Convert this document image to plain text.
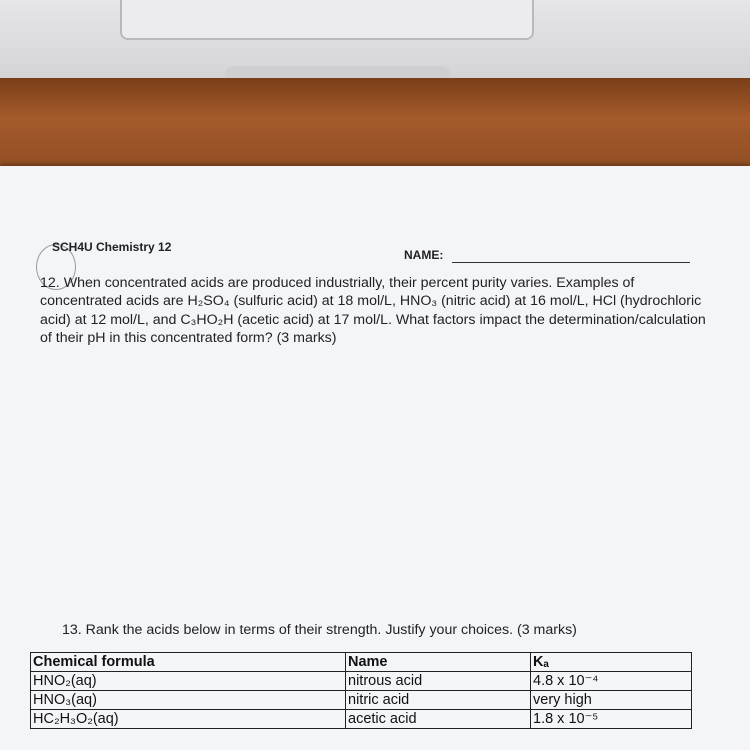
SCH4U Chemistry 12
NAME:
12. When concentrated acids are produced industrially, their percent purity varies. Examples of concentrated acids are H₂SO₄ (sulfuric acid) at 18 mol/L, HNO₃ (nitric acid) at 16 mol/L, HCl (hydrochloric acid) at 12 mol/L, and C₃HO₂H (acetic acid) at 17 mol/L. What factors impact the determination/calculation of their pH in this concentrated form? (3 marks)
13. Rank the acids below in terms of their strength. Justify your choices. (3 marks)
Chemical formula	Name	Kₐ
HNO₂(aq)	nitrous acid	4.8 x 10⁻⁴
HNO₃(aq)	nitric acid	very high
HC₂H₃O₂(aq)	acetic acid	1.8 x 10⁻⁵
